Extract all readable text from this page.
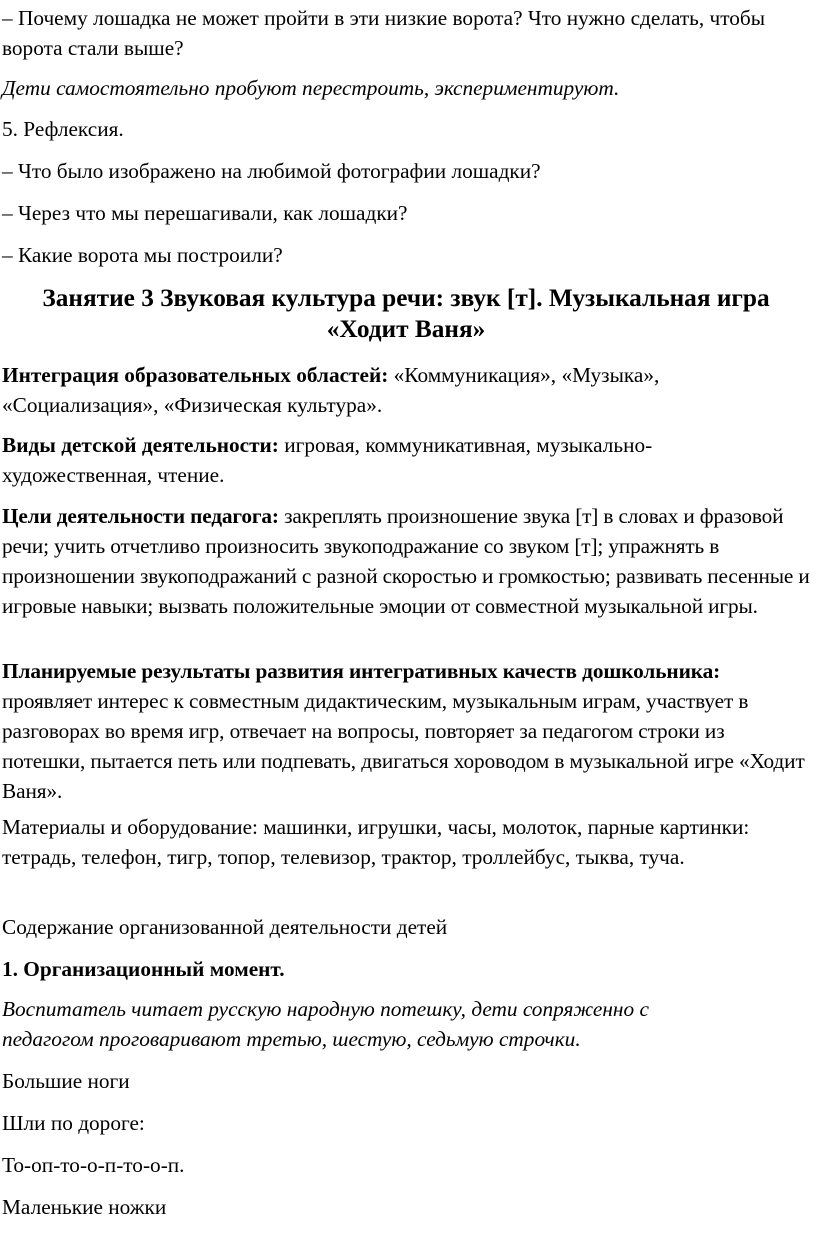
– Почему лошадка не может пройти в эти низкие ворота? Что нужно сделать, чтобы ворота стали выше?

Дети самостоятельно пробуют перестроить, экспериментируют.

5. Рефлексия.

– Что было изображено на любимой фотографии лошадки?

– Через что мы перешагивали, как лошадки?

– Какие ворота мы построили?

Занятие 3 Звуковая культура речи: звук [т]. Музыкальная игра

«Ходит Ваня»

Интеграция образовательных областей: «Коммуникация», «Музыка», «Социализация», «Физическая культура».

Виды детской деятельности: игровая, коммуникативная, музыкально-художественная, чтение.

Цели деятельности педагога: закреплять произношение звука [т] в словах и фразовой речи; учить отчетливо произносить звукоподражание со звуком [т]; упражнять в произношении звукоподражаний с разной скоростью и громкостью; развивать песенные и игровые навыки; вызвать положительные эмоции от совместной музыкальной игры.

Планируемые результаты развития интегративных качеств дошкольника: проявляет интерес к совместным дидактическим, музыкальным играм, участвует в разговорах во время игр, отвечает на вопросы, повторяет за педагогом строки из потешки, пытается петь или подпевать, двигаться хороводом в музыкальной игре «Ходит Ваня».

Материалы и оборудование: машинки, игрушки, часы, молоток, парные картинки: тетрадь, телефон, тигр, топор, телевизор, трактор, троллейбус, тыква, туча.

Содержание организованной деятельности детей

1. Организационный момент.

Воспитатель читает русскую народную потешку, дети сопряженно с педагогом проговаривают третью, шестую, седьмую строчки.

Большие ноги

Шли по дороге:

То-оп-то-о-п-то-о-п.

Маленькие ножки
